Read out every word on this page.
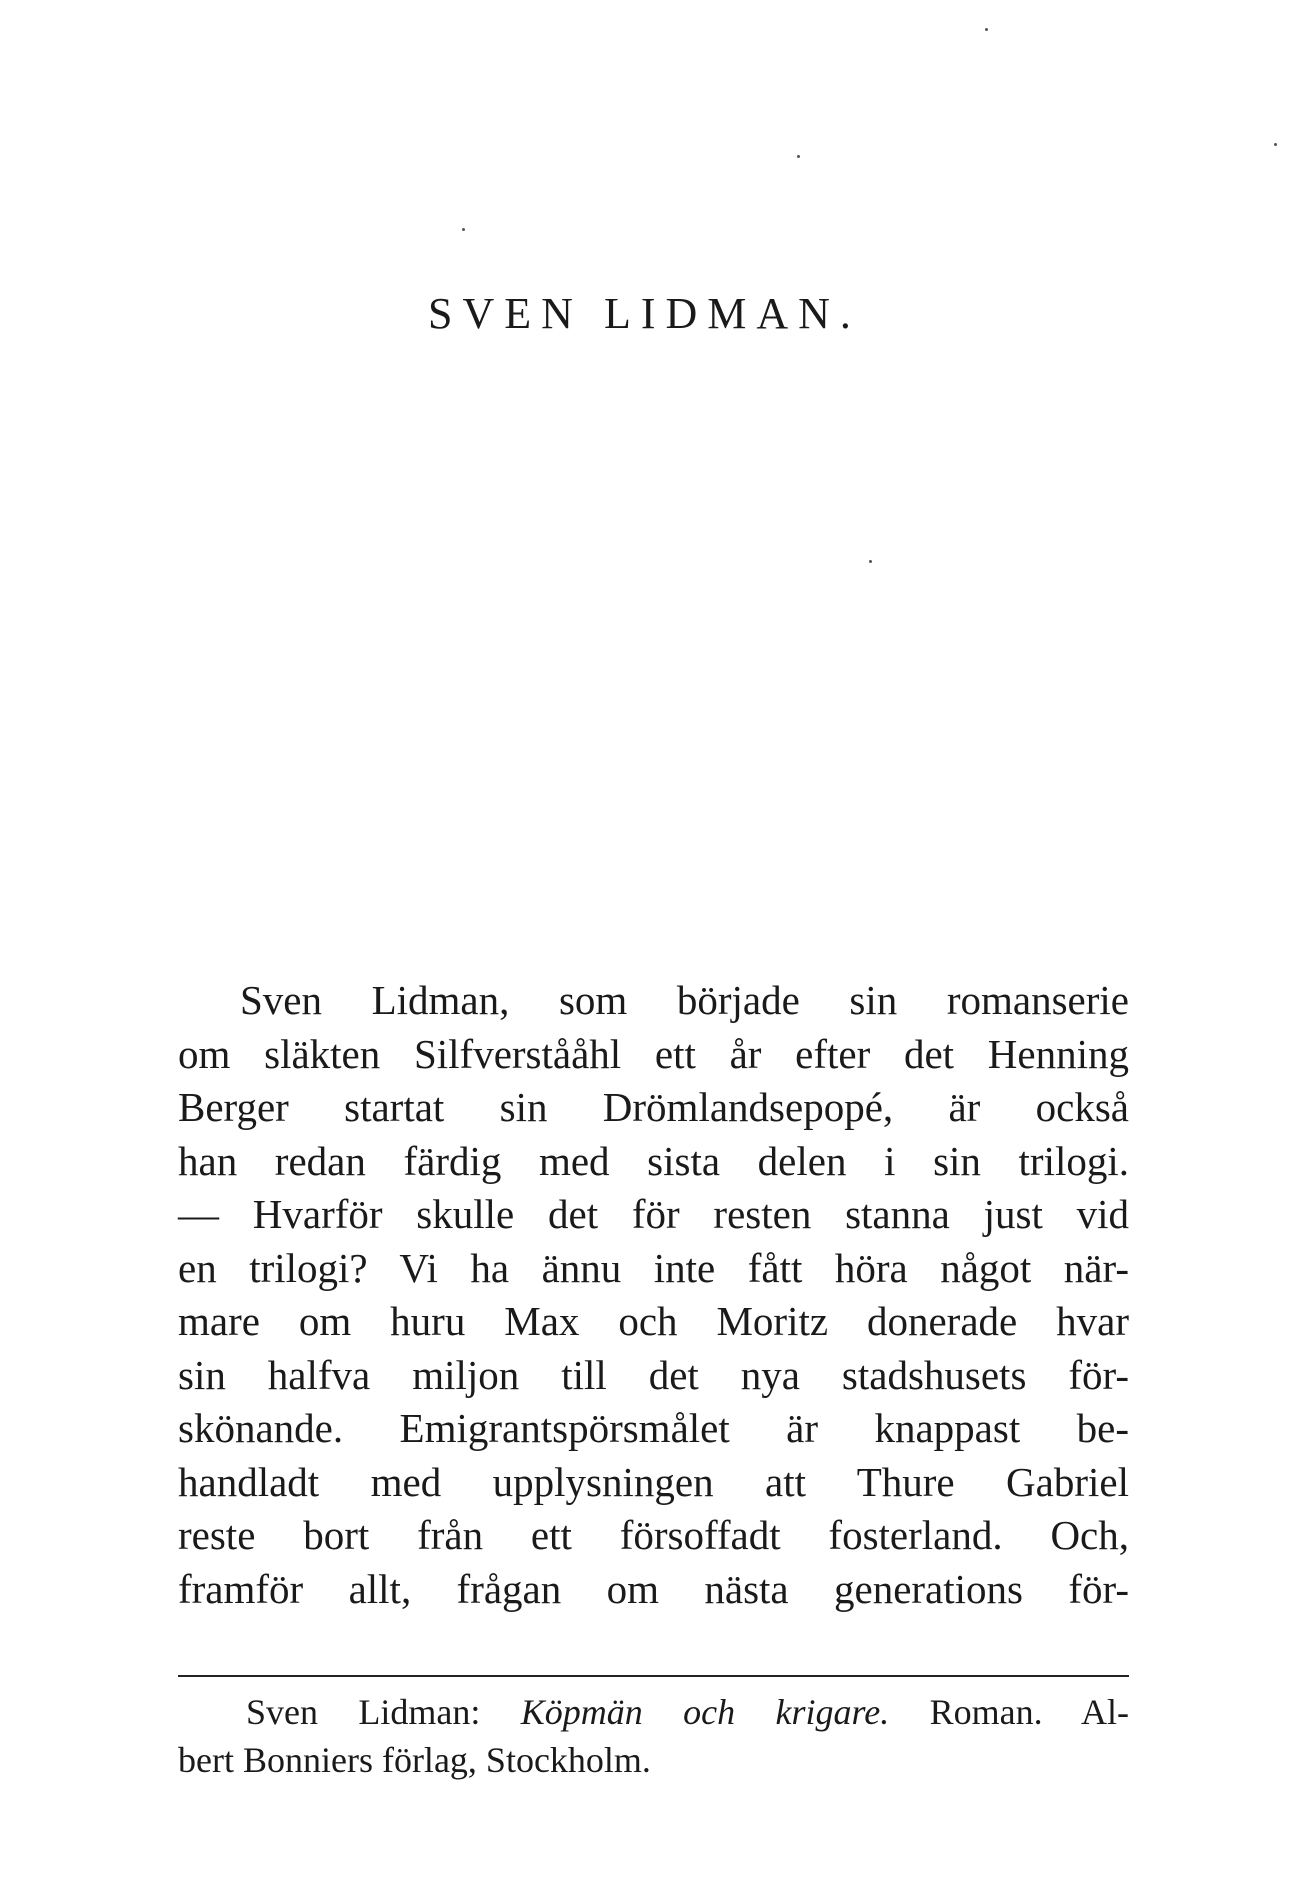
SVEN LIDMAN.
Sven Lidman, som började sin romanserie
om släkten Silfverstååhl ett år efter det Henning
Berger startat sin Drömlandsepopé, är också
han redan färdig med sista delen i sin trilogi.
— Hvarför skulle det för resten stanna just vid
en trilogi? Vi ha ännu inte fått höra något när-
mare om huru Max och Moritz donerade hvar
sin halfva miljon till det nya stadshusets för-
skönande. Emigrantspörsmålet är knappast be-
handladt med upplysningen att Thure Gabriel
reste bort från ett försoffadt fosterland. Och,
framför allt, frågan om nästa generations för-
Sven Lidman: Köpmän och krigare. Roman. Al-
bert Bonniers förlag, Stockholm.
